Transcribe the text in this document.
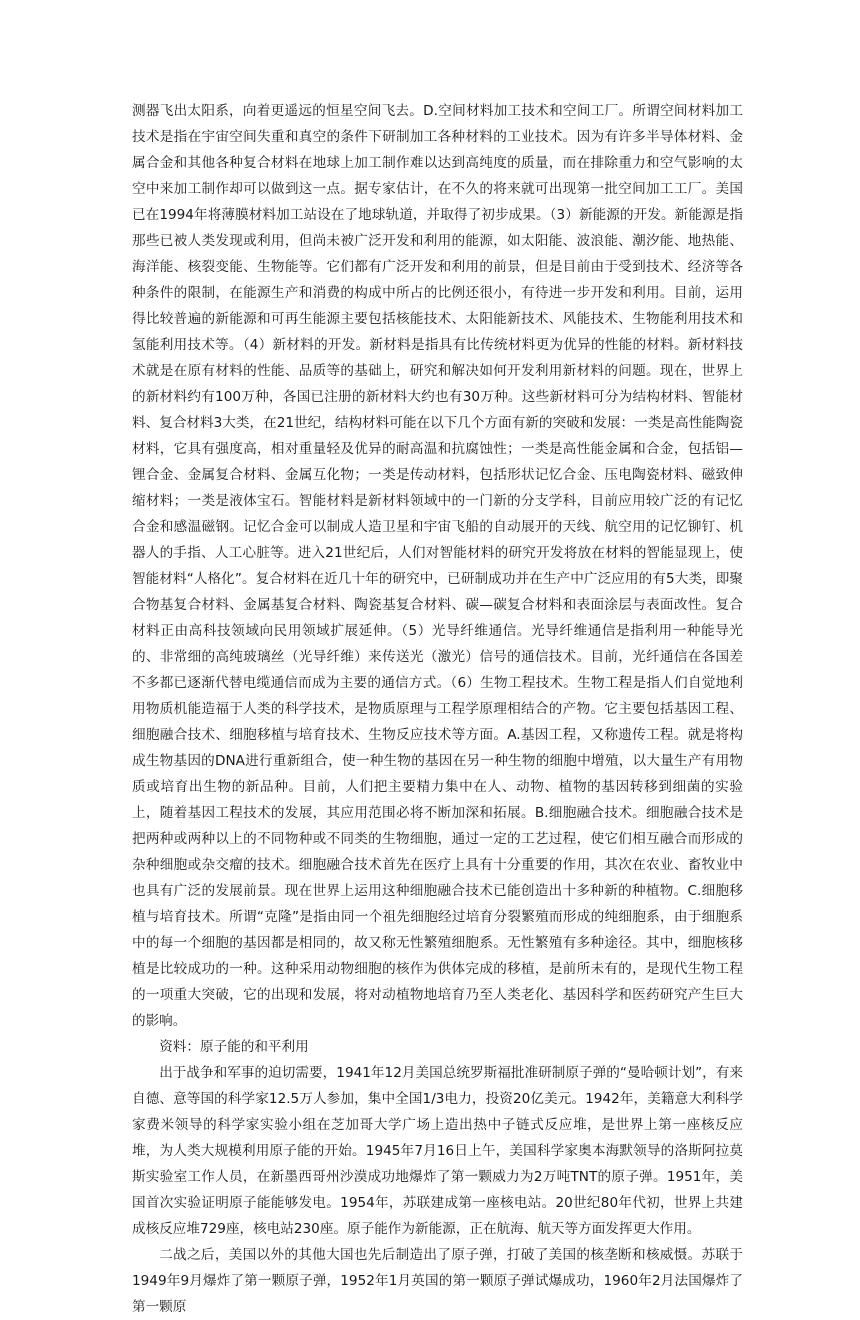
测器飞出太阳系，向着更遥远的恒星空间飞去。D.空间材料加工技术和空间工厂。所谓空间材料加工技术是指在宇宙空间失重和真空的条件下研制加工各种材料的工业技术。因为有许多半导体材料、金属合金和其他各种复合材料在地球上加工制作难以达到高纯度的质量，而在排除重力和空气影响的太空中来加工制作却可以做到这一点。据专家估计，在不久的将来就可出现第一批空间加工工厂。美国已在1994年将薄膜材料加工站设在了地球轨道，并取得了初步成果。（3）新能源的开发。新能源是指那些已被人类发现或利用，但尚未被广泛开发和利用的能源，如太阳能、波浪能、潮汐能、地热能、海洋能、核裂变能、生物能等。它们都有广泛开发和利用的前景，但是目前由于受到技术、经济等各种条件的限制，在能源生产和消费的构成中所占的比例还很小，有待进一步开发和利用。目前，运用得比较普遍的新能源和可再生能源主要包括核能技术、太阳能新技术、风能技术、生物能利用技术和氢能利用技术等。（4）新材料的开发。新材料是指具有比传统材料更为优异的性能的材料。新材料技术就是在原有材料的性能、品质等的基础上，研究和解决如何开发利用新材料的问题。现在，世界上的新材料约有100万种，各国已注册的新材料大约也有30万种。这些新材料可分为结构材料、智能材料、复合材料3大类，在21世纪，结构材料可能在以下几个方面有新的突破和发展：一类是高性能陶瓷材料，它具有强度高，相对重量轻及优异的耐高温和抗腐蚀性；一类是高性能金属和合金，包括铝—锂合金、金属复合材料、金属互化物；一类是传动材料，包括形状记忆合金、压电陶瓷材料、磁致伸缩材料；一类是液体宝石。智能材料是新材料领域中的一门新的分支学科，目前应用较广泛的有记忆合金和感温磁钢。记忆合金可以制成人造卫星和宇宙飞船的自动展开的天线、航空用的记忆铆钉、机器人的手指、人工心脏等。进入21世纪后，人们对智能材料的研究开发将放在材料的智能显现上，使智能材料“人格化”。复合材料在近几十年的研究中，已研制成功并在生产中广泛应用的有5大类，即聚合物基复合材料、金属基复合材料、陶瓷基复合材料、碳—碳复合材料和表面涂层与表面改性。复合材料正由高科技领域向民用领域扩展延伸。（5）光导纤维通信。光导纤维通信是指利用一种能导光的、非常细的高纯玻璃丝（光导纤维）来传送光（激光）信号的通信技术。目前，光纤通信在各国差不多都已逐渐代替电缆通信而成为主要的通信方式。（6）生物工程技术。生物工程是指人们自觉地利用物质机能造福于人类的科学技术，是物质原理与工程学原理相结合的产物。它主要包括基因工程、细胞融合技术、细胞移植与培育技术、生物反应技术等方面。A.基因工程，又称遗传工程。就是将构成生物基因的DNA进行重新组合，使一种生物的基因在另一种生物的细胞中增殖，以大量生产有用物质或培育出生物的新品种。目前，人们把主要精力集中在人、动物、植物的基因转移到细菌的实验上，随着基因工程技术的发展，其应用范围必将不断加深和拓展。B.细胞融合技术。细胞融合技术是把两种或两种以上的不同物种或不同类的生物细胞，通过一定的工艺过程，使它们相互融合而形成的杂种细胞或杂交瘤的技术。细胞融合技术首先在医疗上具有十分重要的作用，其次在农业、畜牧业中也具有广泛的发展前景。现在世界上运用这种细胞融合技术已能创造出十多种新的种植物。C.细胞移植与培育技术。所谓“克隆”是指由同一个祖先细胞经过培育分裂繁殖而形成的纯细胞系，由于细胞系中的每一个细胞的基因都是相同的，故又称无性繁殖细胞系。无性繁殖有多种途径。其中，细胞核移植是比较成功的一种。这种采用动物细胞的核作为供体完成的移植，是前所未有的，是现代生物工程的一项重大突破，它的出现和发展，将对动植物地培育乃至人类老化、基因科学和医药研究产生巨大的影响。

资料：原子能的和平利用

出于战争和军事的迫切需要，1941年12月美国总统罗斯福批准研制原子弹的“曼哈顿计划”，有来自德、意等国的科学家12.5万人参加，集中全国1/3电力，投资20亿美元。1942年，美籍意大利科学家费米领导的科学家实验小组在芝加哥大学广场上造出热中子链式反应堆，是世界上第一座核反应堆，为人类大规模利用原子能的开始。1945年7月16日上午，美国科学家奥本海默领导的洛斯阿拉莫斯实验室工作人员，在新墨西哥州沙漠成功地爆炸了第一颗威力为2万吨TNT的原子弹。1951年，美国首次实验证明原子能能够发电。1954年，苏联建成第一座核电站。20世纪80年代初，世界上共建成核反应堆729座，核电站230座。原子能作为新能源，正在航海、航天等方面发挥更大作用。

二战之后，美国以外的其他大国也先后制造出了原子弹，打破了美国的核垄断和核威慑。苏联于1949年9月爆炸了第一颗原子弹，1952年1月英国的第一颗原子弹试爆成功，1960年2月法国爆炸了第一颗原
